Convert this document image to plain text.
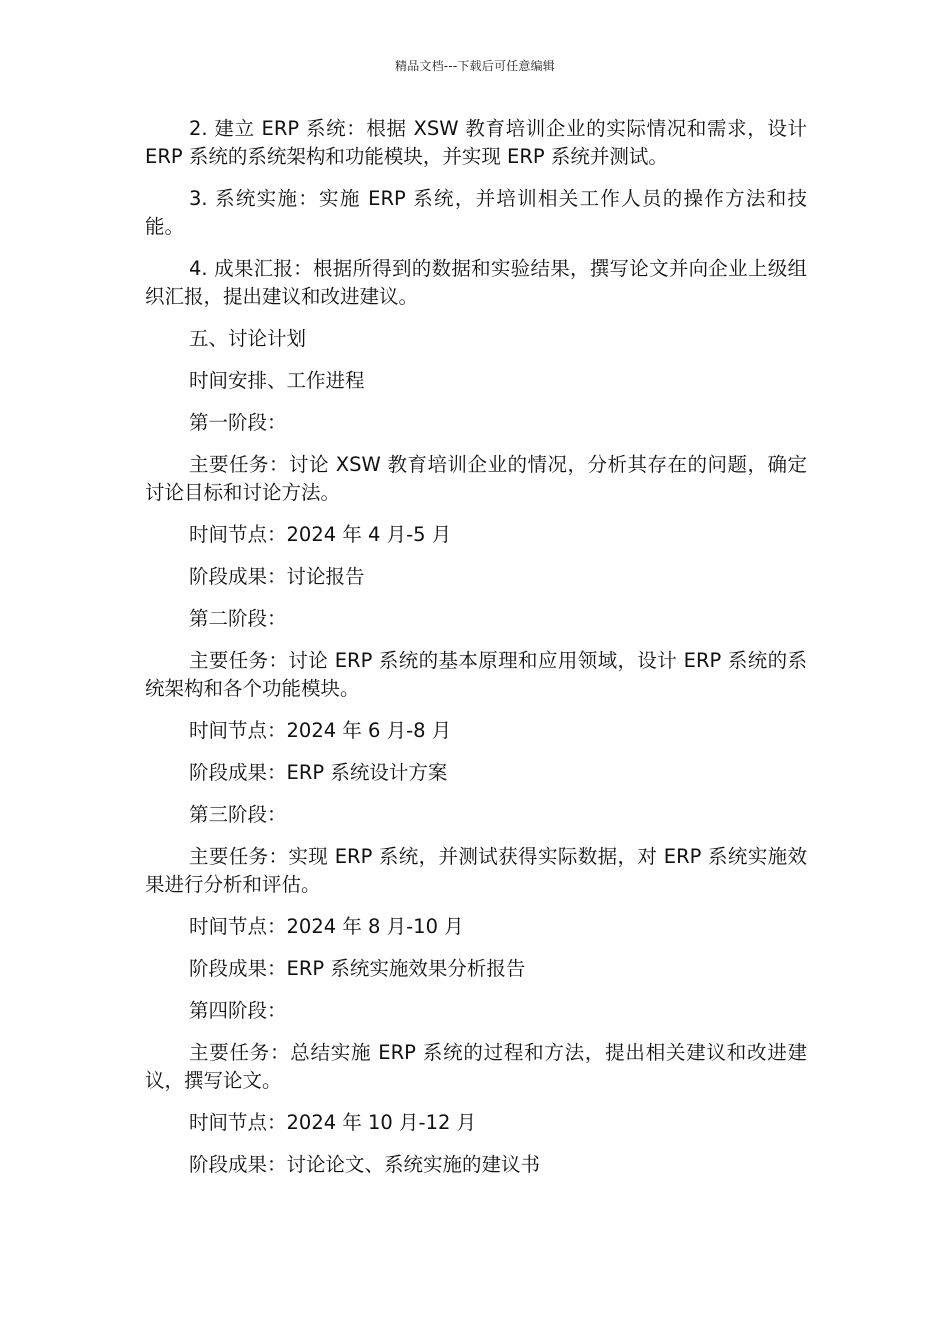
精品文档---下载后可任意编辑

2. 建立 ERP 系统：根据 XSW 教育培训企业的实际情况和需求，设计 ERP 系统的系统架构和功能模块，并实现 ERP 系统并测试。

3. 系统实施：实施 ERP 系统，并培训相关工作人员的操作方法和技能。

4. 成果汇报：根据所得到的数据和实验结果，撰写论文并向企业上级组织汇报，提出建议和改进建议。

五、讨论计划

时间安排、工作进程

第一阶段：

主要任务：讨论 XSW 教育培训企业的情况，分析其存在的问题，确定讨论目标和讨论方法。

时间节点：2024 年 4 月-5 月

阶段成果：讨论报告

第二阶段：

主要任务：讨论 ERP 系统的基本原理和应用领域，设计 ERP 系统的系统架构和各个功能模块。

时间节点：2024 年 6 月-8 月

阶段成果：ERP 系统设计方案

第三阶段：

主要任务：实现 ERP 系统，并测试获得实际数据，对 ERP 系统实施效果进行分析和评估。

时间节点：2024 年 8 月-10 月

阶段成果：ERP 系统实施效果分析报告

第四阶段：

主要任务：总结实施 ERP 系统的过程和方法，提出相关建议和改进建议，撰写论文。

时间节点：2024 年 10 月-12 月

阶段成果：讨论论文、系统实施的建议书
